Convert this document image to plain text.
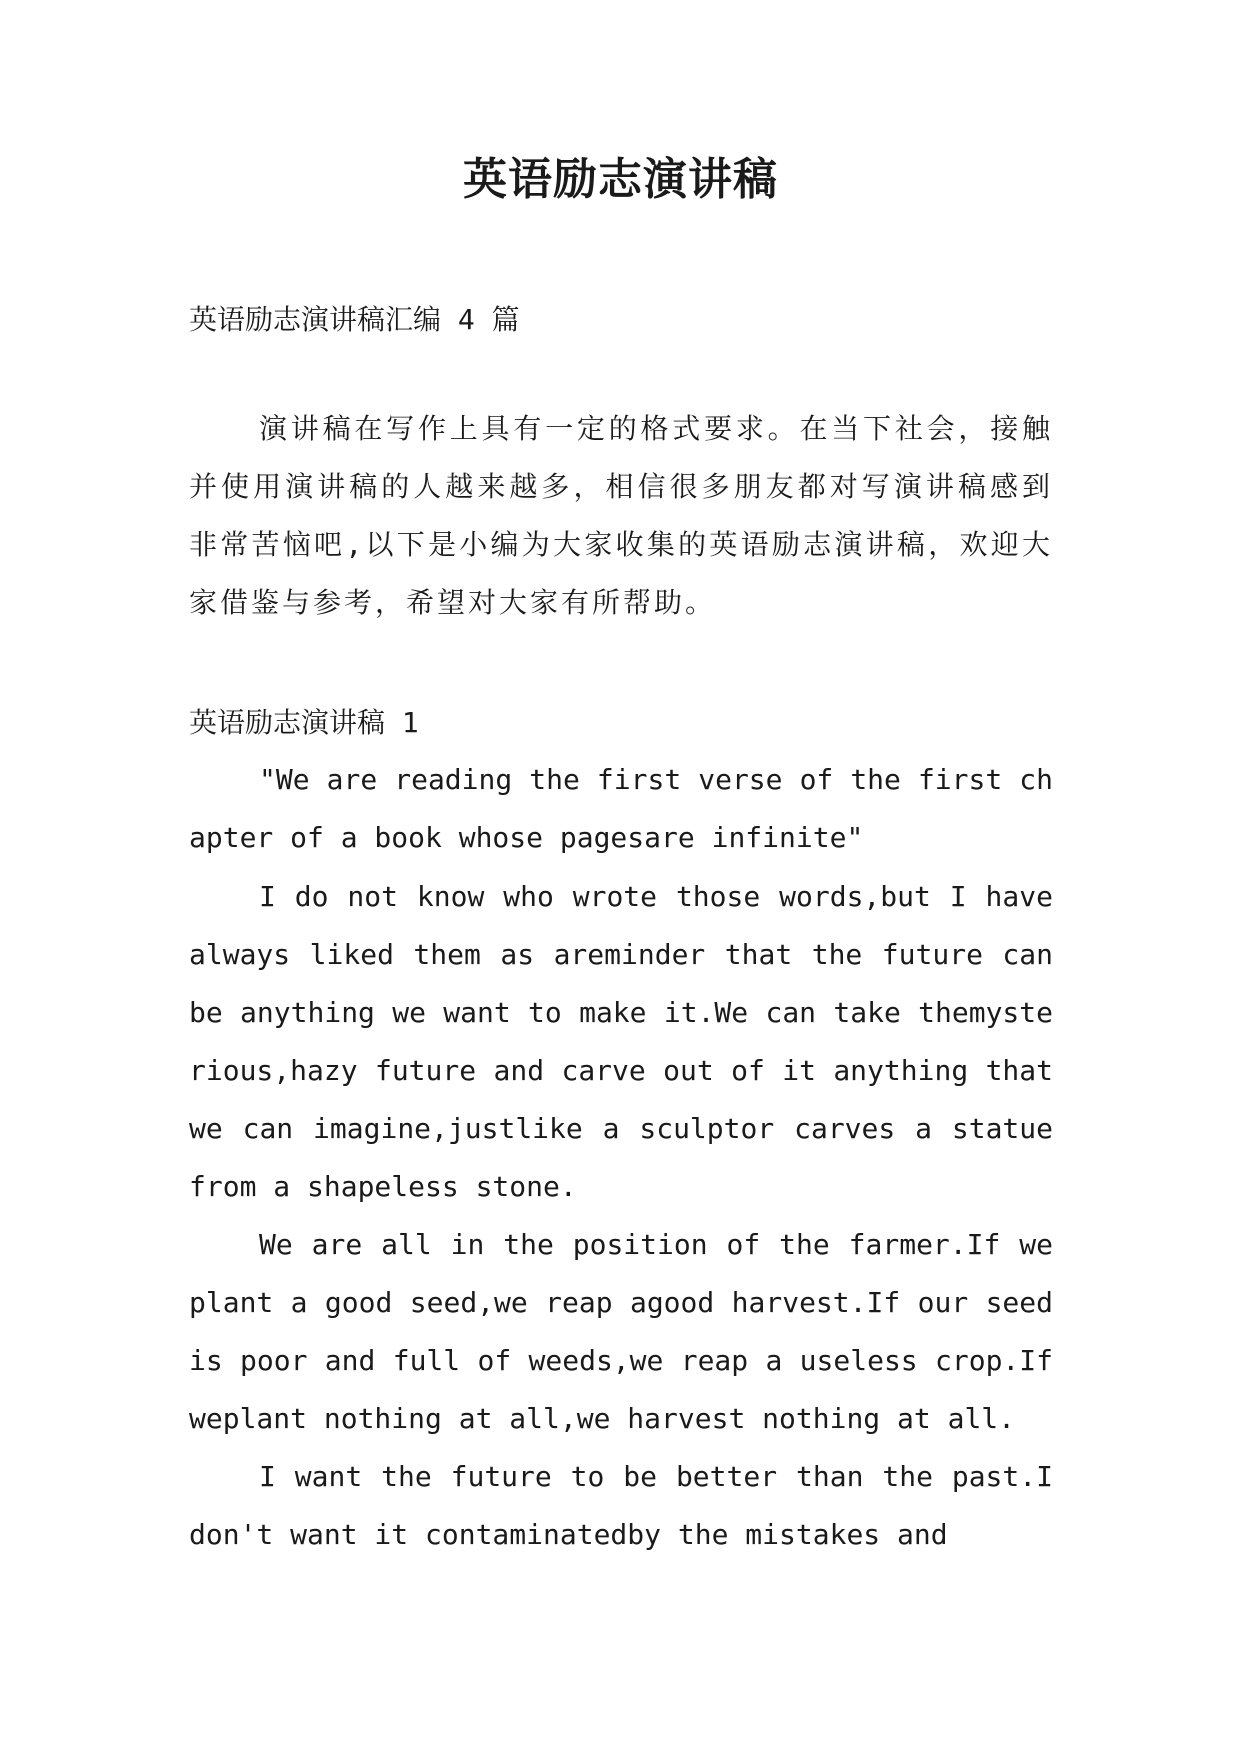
英语励志演讲稿

英语励志演讲稿汇编 4 篇

演讲稿在写作上具有一定的格式要求。在当下社会，接触并使用演讲稿的人越来越多，相信很多朋友都对写演讲稿感到非常苦恼吧,以下是小编为大家收集的英语励志演讲稿，欢迎大家借鉴与参考，希望对大家有所帮助。

英语励志演讲稿 1

"We are reading the first verse of the first chapter of a book whose pagesare infinite"

I do not know who wrote those words,but I have always liked them as areminder that the future can be anything we want to make it.We can take themysterious,hazy future and carve out of it anything that we can imagine,justlike a sculptor carves a statue from a shapeless stone.

We are all in the position of the farmer.If we plant a good seed,we reap agood harvest.If our seed is poor and full of weeds,we reap a useless crop.If weplant nothing at all,we harvest nothing at all.

I want the future to be better than the past.I don't want it contaminatedby the mistakes and
